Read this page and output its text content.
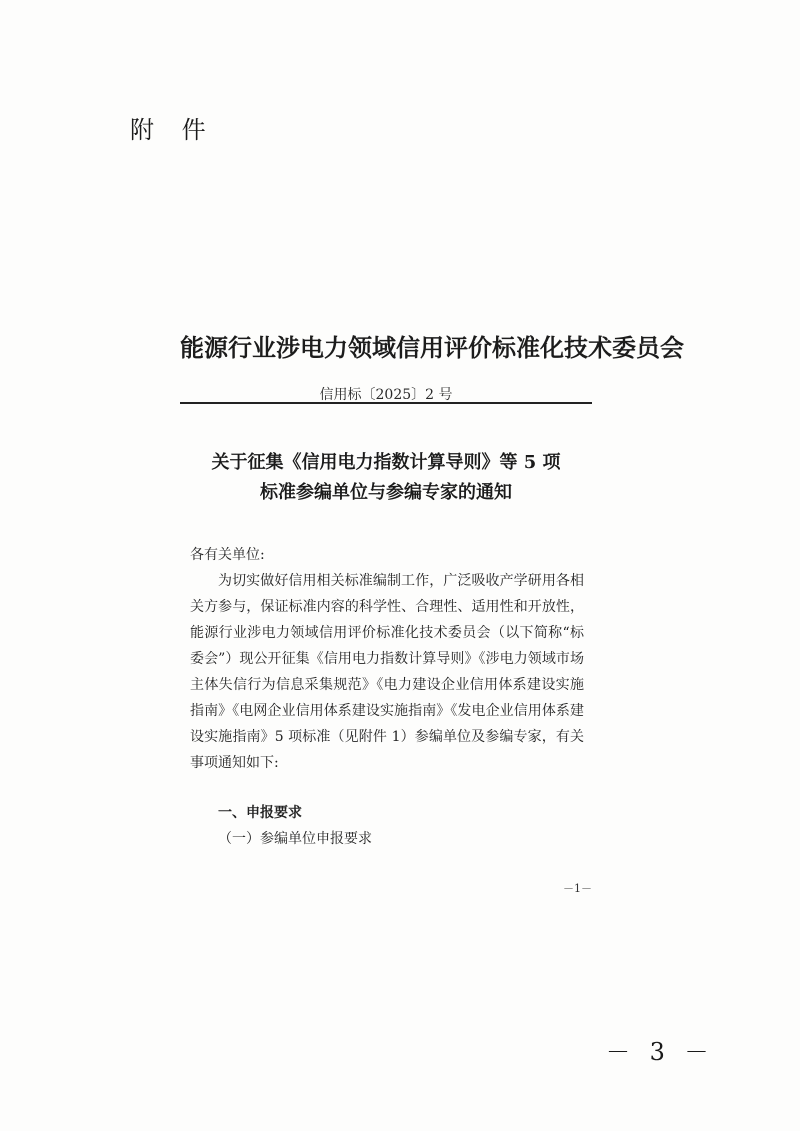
附 件
能源行业涉电力领域信用评价标准化技术委员会
信用标〔2025〕2 号
关于征集《信用电力指数计算导则》等 5 项
标准参编单位与参编专家的通知
各有关单位:
为切实做好信用相关标准编制工作，广泛吸收产学研用各相关方参与，保证标准内容的科学性、合理性、适用性和开放性，能源行业涉电力领域信用评价标准化技术委员会（以下简称“标委会”）现公开征集《信用电力指数计算导则》《涉电力领域市场主体失信行为信息采集规范》《电力建设企业信用体系建设实施指南》《电网企业信用体系建设实施指南》《发电企业信用体系建设实施指南》5 项标准（见附件 1）参编单位及参编专家，有关事项通知如下:
一、申报要求
（一）参编单位申报要求
－1－
－ 3 －
